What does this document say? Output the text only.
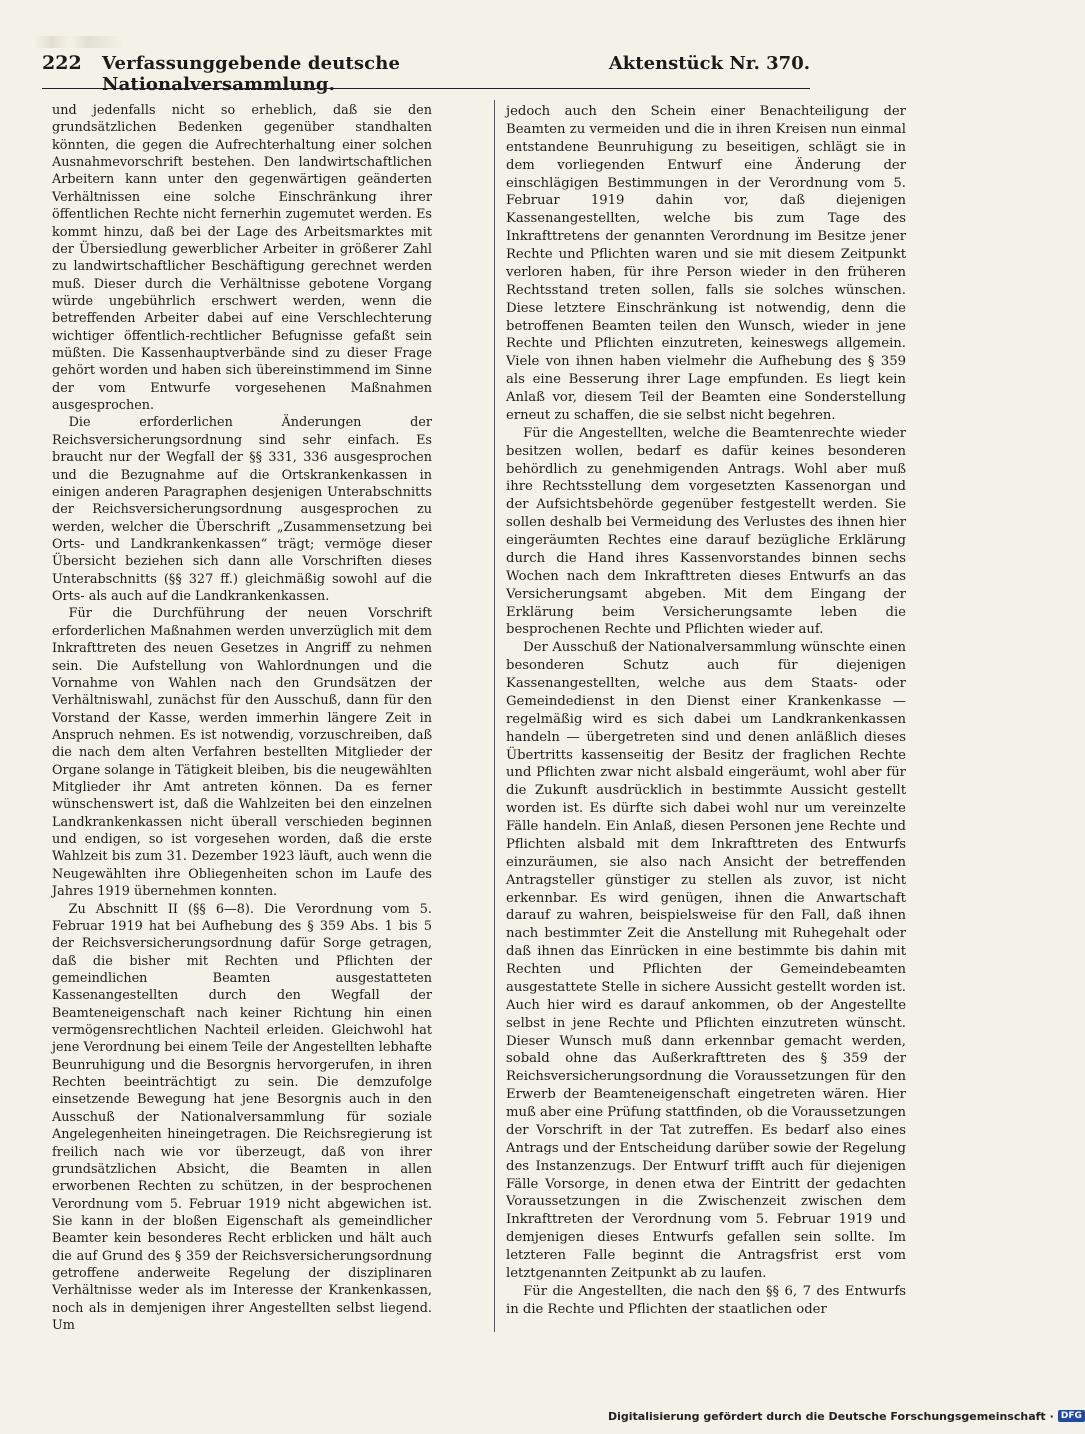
222	Verfassunggebende deutsche Nationalversammlung.
Aktenstück Nr. 370.

und jedenfalls nicht so erheblich, daß sie den grundsätzlichen Bedenken gegenüber standhalten könnten, die gegen die Aufrechterhaltung einer solchen Ausnahmevorschrift bestehen. Den landwirtschaftlichen Arbeitern kann unter den gegenwärtigen geänderten Verhältnissen eine solche Einschränkung ihrer öffentlichen Rechte nicht fernerhin zugemutet werden. Es kommt hinzu, daß bei der Lage des Arbeitsmarktes mit der Übersiedlung gewerblicher Arbeiter in größerer Zahl zu landwirtschaftlicher Beschäftigung gerechnet werden muß. Dieser durch die Verhältnisse gebotene Vorgang würde ungebührlich erschwert werden, wenn die betreffenden Arbeiter dabei auf eine Verschlechterung wichtiger öffentlich-rechtlicher Befugnisse gefaßt sein müßten. Die Kassenhauptverbände sind zu dieser Frage gehört worden und haben sich übereinstimmend im Sinne der vom Entwurfe vorgesehenen Maßnahmen ausgesprochen.

Die erforderlichen Änderungen der Reichsversicherungsordnung sind sehr einfach. Es braucht nur der Wegfall der §§ 331, 336 ausgesprochen und die Bezugnahme auf die Ortskrankenkassen in einigen anderen Paragraphen desjenigen Unterabschnitts der Reichsversicherungsordnung ausgesprochen zu werden, welcher die Überschrift „Zusammensetzung bei Orts- und Landkrankenkassen“ trägt; vermöge dieser Übersicht beziehen sich dann alle Vorschriften dieses Unterabschnitts (§§ 327 ff.) gleichmäßig sowohl auf die Orts- als auch auf die Landkrankenkassen.

Für die Durchführung der neuen Vorschrift erforderlichen Maßnahmen werden unverzüglich mit dem Inkrafttreten des neuen Gesetzes in Angriff zu nehmen sein. Die Aufstellung von Wahlordnungen und die Vornahme von Wahlen nach den Grundsätzen der Verhältniswahl, zunächst für den Ausschuß, dann für den Vorstand der Kasse, werden immerhin längere Zeit in Anspruch nehmen. Es ist notwendig, vorzuschreiben, daß die nach dem alten Verfahren bestellten Mitglieder der Organe solange in Tätigkeit bleiben, bis die neugewählten Mitglieder ihr Amt antreten können. Da es ferner wünschenswert ist, daß die Wahlzeiten bei den einzelnen Landkrankenkassen nicht überall verschieden beginnen und endigen, so ist vorgesehen worden, daß die erste Wahlzeit bis zum 31. Dezember 1923 läuft, auch wenn die Neugewählten ihre Obliegenheiten schon im Laufe des Jahres 1919 übernehmen konnten.

Zu Abschnitt II (§§ 6—8). Die Verordnung vom 5. Februar 1919 hat bei Aufhebung des § 359 Abs. 1 bis 5 der Reichsversicherungsordnung dafür Sorge getragen, daß die bisher mit Rechten und Pflichten der gemeindlichen Beamten ausgestatteten Kassenangestellten durch den Wegfall der Beamteneigenschaft nach keiner Richtung hin einen vermögensrechtlichen Nachteil erleiden. Gleichwohl hat jene Verordnung bei einem Teile der Angestellten lebhafte Beunruhigung und die Besorgnis hervorgerufen, in ihren Rechten beeinträchtigt zu sein. Die demzufolge einsetzende Bewegung hat jene Besorgnis auch in den Ausschuß der Nationalversammlung für soziale Angelegenheiten hineingetragen. Die Reichsregierung ist freilich nach wie vor überzeugt, daß von ihrer grundsätzlichen Absicht, die Beamten in allen erworbenen Rechten zu schützen, in der besprochenen Verordnung vom 5. Februar 1919 nicht abgewichen ist. Sie kann in der bloßen Eigenschaft als gemeindlicher Beamter kein besonderes Recht erblicken und hält auch die auf Grund des § 359 der Reichsversicherungsordnung getroffene anderweite Regelung der disziplinaren Verhältnisse weder als im Interesse der Krankenkassen, noch als in demjenigen ihrer Angestellten selbst liegend. Um

jedoch auch den Schein einer Benachteiligung der Beamten zu vermeiden und die in ihren Kreisen nun einmal entstandene Beunruhigung zu beseitigen, schlägt sie in dem vorliegenden Entwurf eine Änderung der einschlägigen Bestimmungen in der Verordnung vom 5. Februar 1919 dahin vor, daß diejenigen Kassenangestellten, welche bis zum Tage des Inkrafttretens der genannten Verordnung im Besitze jener Rechte und Pflichten waren und sie mit diesem Zeitpunkt verloren haben, für ihre Person wieder in den früheren Rechtsstand treten sollen, falls sie solches wünschen. Diese letztere Einschränkung ist notwendig, denn die betroffenen Beamten teilen den Wunsch, wieder in jene Rechte und Pflichten einzutreten, keineswegs allgemein. Viele von ihnen haben vielmehr die Aufhebung des § 359 als eine Besserung ihrer Lage empfunden. Es liegt kein Anlaß vor, diesem Teil der Beamten eine Sonderstellung erneut zu schaffen, die sie selbst nicht begehren.

Für die Angestellten, welche die Beamtenrechte wieder besitzen wollen, bedarf es dafür keines besonderen behördlich zu genehmigenden Antrags. Wohl aber muß ihre Rechtsstellung dem vorgesetzten Kassenorgan und der Aufsichtsbehörde gegenüber festgestellt werden. Sie sollen deshalb bei Vermeidung des Verlustes des ihnen hier eingeräumten Rechtes eine darauf bezügliche Erklärung durch die Hand ihres Kassenvorstandes binnen sechs Wochen nach dem Inkrafttreten dieses Entwurfs an das Versicherungsamt abgeben. Mit dem Eingang der Erklärung beim Versicherungsamte leben die besprochenen Rechte und Pflichten wieder auf.

Der Ausschuß der Nationalversammlung wünschte einen besonderen Schutz auch für diejenigen Kassenangestellten, welche aus dem Staats- oder Gemeindedienst in den Dienst einer Krankenkasse — regelmäßig wird es sich dabei um Landkrankenkassen handeln — übergetreten sind und denen anläßlich dieses Übertritts kassenseitig der Besitz der fraglichen Rechte und Pflichten zwar nicht alsbald eingeräumt, wohl aber für die Zukunft ausdrücklich in bestimmte Aussicht gestellt worden ist. Es dürfte sich dabei wohl nur um vereinzelte Fälle handeln. Ein Anlaß, diesen Personen jene Rechte und Pflichten alsbald mit dem Inkrafttreten des Entwurfs einzuräumen, sie also nach Ansicht der betreffenden Antragsteller günstiger zu stellen als zuvor, ist nicht erkennbar. Es wird genügen, ihnen die Anwartschaft darauf zu wahren, beispielsweise für den Fall, daß ihnen nach bestimmter Zeit die Anstellung mit Ruhegehalt oder daß ihnen das Einrücken in eine bestimmte bis dahin mit Rechten und Pflichten der Gemeindebeamten ausgestattete Stelle in sichere Aussicht gestellt worden ist. Auch hier wird es darauf ankommen, ob der Angestellte selbst in jene Rechte und Pflichten einzutreten wünscht. Dieser Wunsch muß dann erkennbar gemacht werden, sobald ohne das Außerkrafttreten des § 359 der Reichsversicherungsordnung die Voraussetzungen für den Erwerb der Beamteneigenschaft eingetreten wären. Hier muß aber eine Prüfung stattfinden, ob die Voraussetzungen der Vorschrift in der Tat zutreffen. Es bedarf also eines Antrags und der Entscheidung darüber sowie der Regelung des Instanzenzugs. Der Entwurf trifft auch für diejenigen Fälle Vorsorge, in denen etwa der Eintritt der gedachten Voraussetzungen in die Zwischenzeit zwischen dem Inkrafttreten der Verordnung vom 5. Februar 1919 und demjenigen dieses Entwurfs gefallen sein sollte. Im letzteren Falle beginnt die Antragsfrist erst vom letztgenannten Zeitpunkt ab zu laufen.

Für die Angestellten, die nach den §§ 6, 7 des Entwurfs in die Rechte und Pflichten der staatlichen oder

Digitalisierung gefördert durch die Deutsche Forschungsgemeinschaft · DFG
